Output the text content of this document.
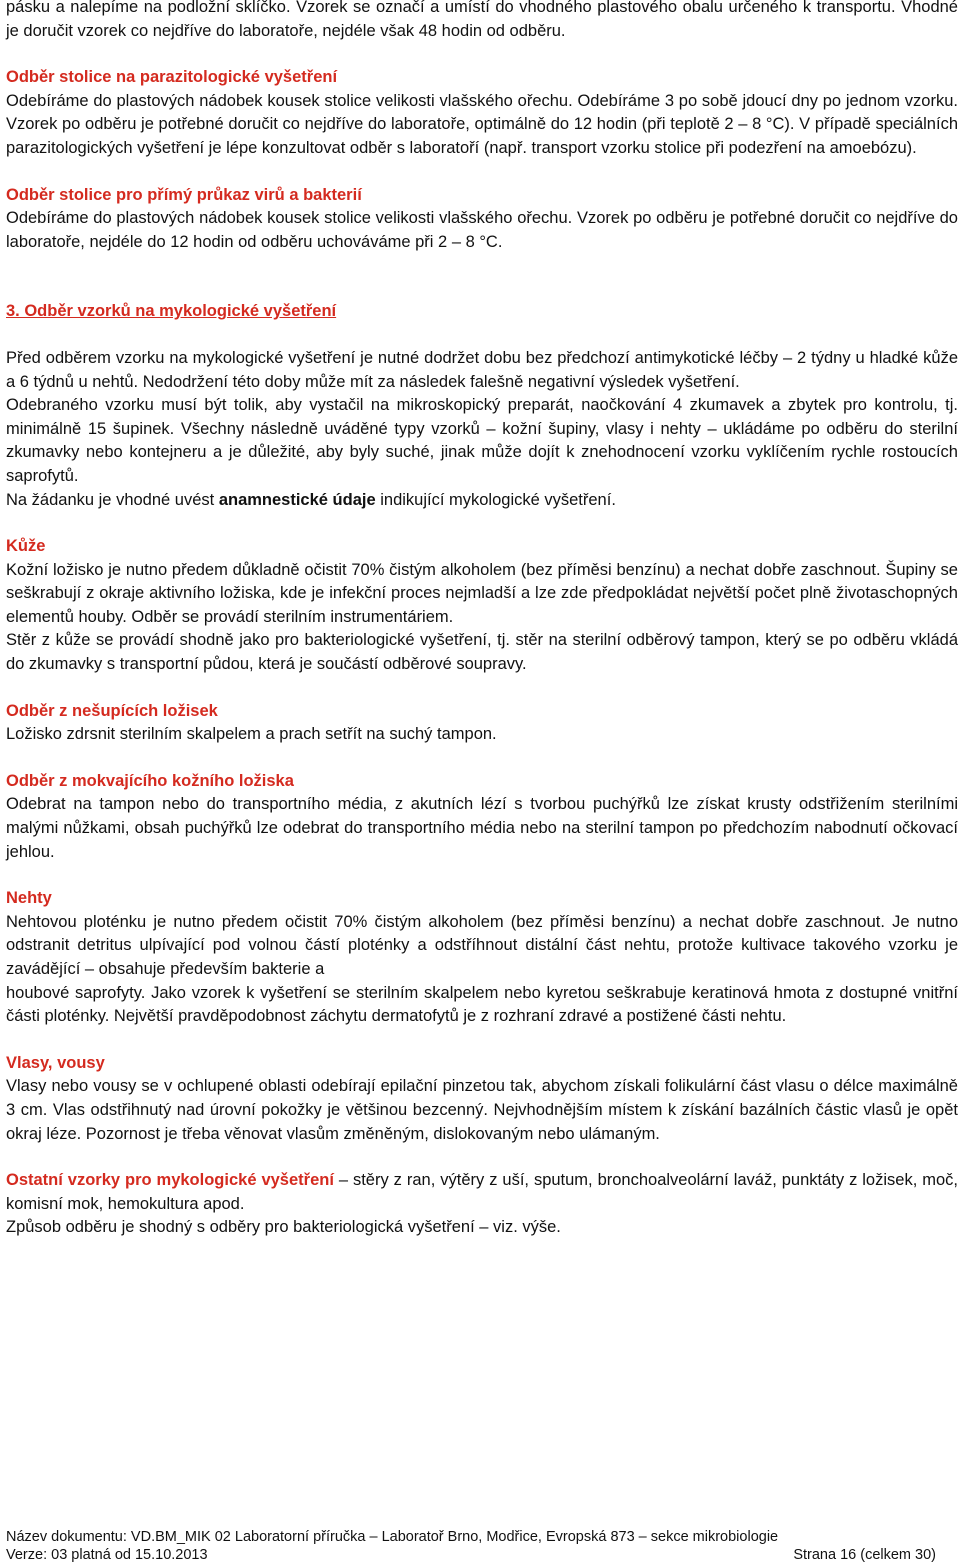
pásku a nalepíme na podložní sklíčko. Vzorek se označí a umístí do vhodného plastového obalu určeného k transportu. Vhodné je doručit vzorek co nejdříve do laboratoře, nejdéle však 48 hodin od odběru.

Odběr stolice na parazitologické vyšetření

Odebíráme do plastových nádobek kousek stolice velikosti vlašského ořechu. Odebíráme 3 po sobě jdoucí dny po jednom vzorku. Vzorek po odběru je potřebné doručit co nejdříve do laboratoře, optimálně do 12 hodin (při teplotě 2 – 8 °C). V případě speciálních parazitologických vyšetření je lépe konzultovat odběr s laboratoří (např. transport vzorku stolice při podezření na amoebózu).

Odběr stolice pro přímý průkaz virů a bakterií

Odebíráme do plastových nádobek kousek stolice velikosti vlašského ořechu. Vzorek po odběru je potřebné doručit co nejdříve do laboratoře, nejdéle do 12 hodin od odběru uchováváme při 2 – 8 °C.

3. Odběr vzorků na mykologické vyšetření

Před odběrem vzorku na mykologické vyšetření je nutné dodržet dobu bez předchozí antimykotické léčby – 2 týdny u hladké kůže a 6 týdnů u nehtů. Nedodržení této doby může mít za následek falešně negativní výsledek vyšetření.

Odebraného vzorku musí být tolik, aby vystačil na mikroskopický preparát, naočkování 4 zkumavek a zbytek pro kontrolu, tj. minimálně 15 šupinek. Všechny následně uváděné typy vzorků – kožní šupiny, vlasy i nehty – ukládáme po odběru do sterilní zkumavky nebo kontejneru a je důležité, aby byly suché, jinak může dojít k znehodnocení vzorku vyklíčením rychle rostoucích saprofytů.

Na žádanku je vhodné uvést anamnestické údaje indikující mykologické vyšetření.

Kůže

Kožní ložisko je nutno předem důkladně očistit 70% čistým alkoholem (bez příměsi benzínu) a nechat dobře zaschnout. Šupiny se seškrabují z okraje aktivního ložiska, kde je infekční proces nejmladší a lze zde předpokládat největší počet plně životaschopných elementů houby. Odběr se provádí sterilním instrumentáriem.

Stěr z kůže se provádí shodně jako pro bakteriologické vyšetření, tj. stěr na sterilní odběrový tampon, který se po odběru vkládá do zkumavky s transportní půdou, která je součástí odběrové soupravy.

Odběr z nešupících ložisek

Ložisko zdrsnit sterilním skalpelem a prach setřít na suchý tampon.

Odběr z mokvajícího kožního ložiska

Odebrat na tampon nebo do transportního média, z akutních lézí s tvorbou puchýřků lze získat krusty odstřižením sterilními malými nůžkami, obsah puchýřků lze odebrat do transportního média nebo na sterilní tampon po předchozím nabodnutí očkovací jehlou.

Nehty

Nehtovou ploténku je nutno předem očistit 70% čistým alkoholem (bez příměsi benzínu) a nechat dobře zaschnout. Je nutno odstranit detritus ulpívající pod volnou částí ploténky a odstříhnout distální část nehtu, protože kultivace takového vzorku je zavádějící – obsahuje především bakterie a

houbové saprofyty. Jako vzorek k vyšetření se sterilním skalpelem nebo kyretou seškrabuje keratinová hmota z dostupné vnitřní části ploténky. Největší pravděpodobnost záchytu dermatofytů je z rozhraní zdravé a postižené části nehtu.

Vlasy, vousy

Vlasy nebo vousy se v ochlupené oblasti odebírají epilační pinzetou tak, abychom získali folikulární část vlasu o délce maximálně 3 cm. Vlas odstřihnutý nad úrovní pokožky je většinou bezcenný. Nejvhodnějším místem k získání bazálních částic vlasů je opět okraj léze. Pozornost je třeba věnovat vlasům změněným, dislokovaným nebo ulámaným.

Ostatní vzorky pro mykologické vyšetření – stěry z ran, výtěry z uší, sputum, bronchoalveolární laváž, punktáty z ložisek, moč, komisní mok, hemokultura apod.

Způsob odběru je shodný s odběry pro bakteriologická vyšetření – viz. výše.

Název dokumentu: VD.BM_MIK 02 Laboratorní příručka – Laboratoř Brno, Modřice, Evropská 873 – sekce mikrobiologie
Verze: 03 platná od 15.10.2013	Strana 16 (celkem 30)
